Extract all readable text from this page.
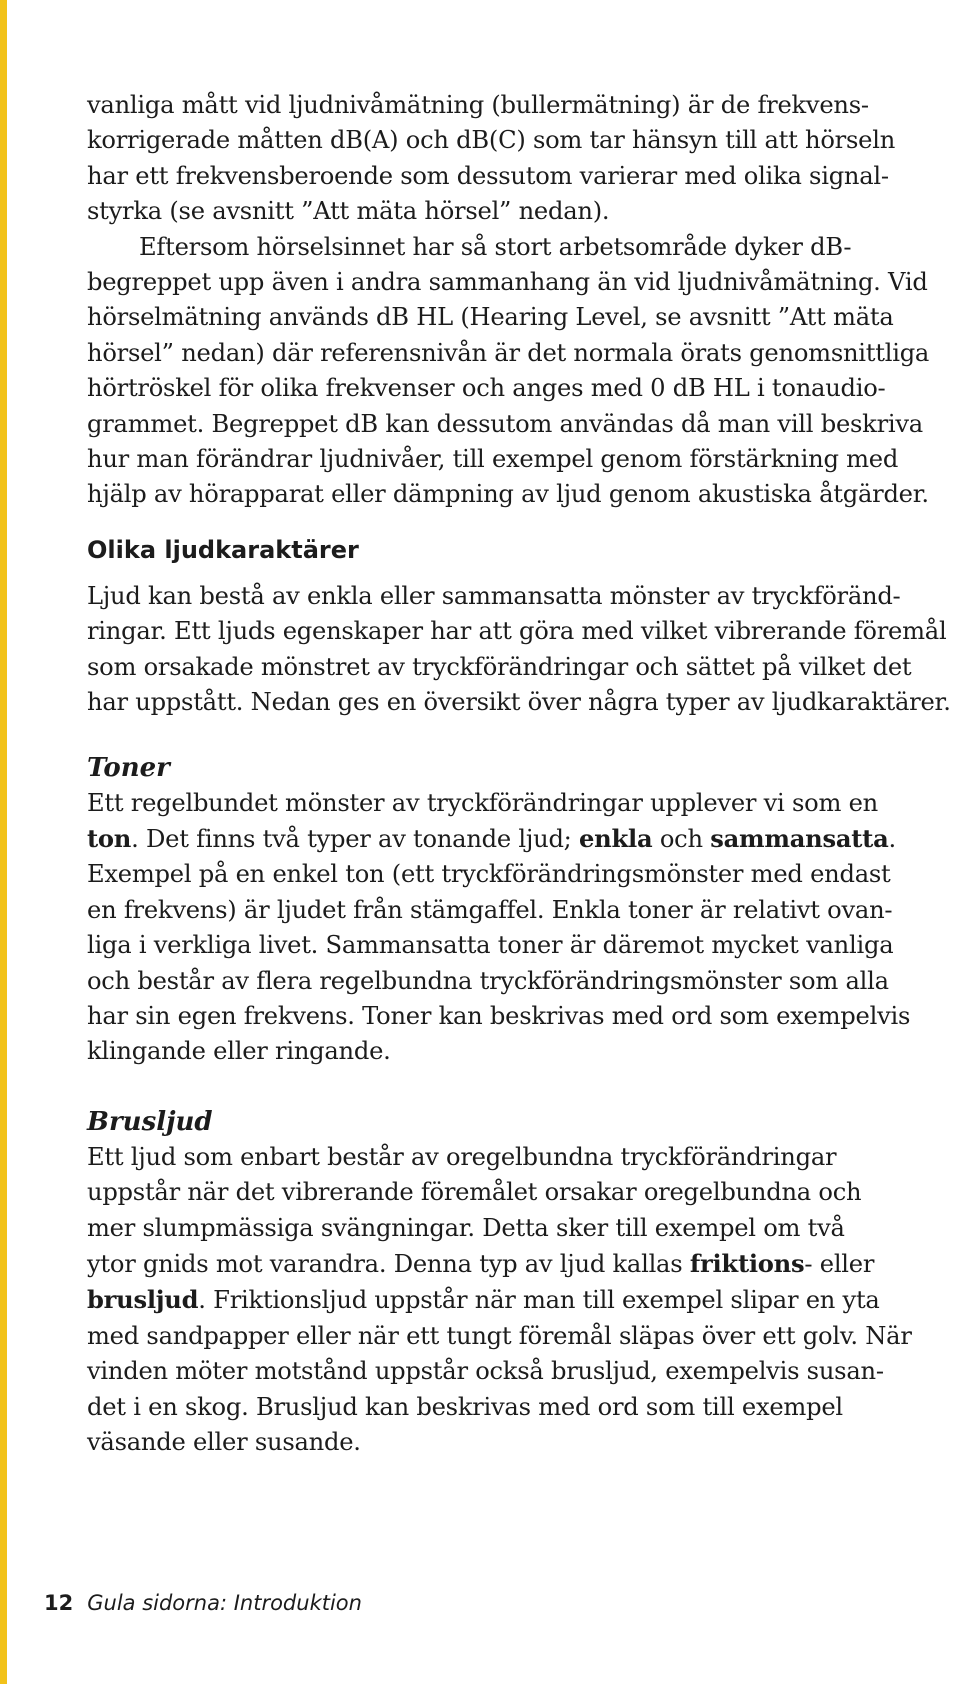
vanliga mått vid ljudnivåmätning (bullermätning) är de frekvens-
korrigerade måtten dB(A) och dB(C) som tar hänsyn till att hörseln
har ett frekvensberoende som dessutom varierar med olika signal-
styrka (se avsnitt ”Att mäta hörsel” nedan).

Eftersom hörselsinnet har så stort arbetsområde dyker dB-
begreppet upp även i andra sammanhang än vid ljudnivåmätning. Vid
hörselmätning används dB HL (Hearing Level, se avsnitt ”Att mäta
hörsel” nedan) där referensnivån är det normala örats genomsnittliga
hörtröskel för olika frekvenser och anges med 0 dB HL i tonaudio-
grammet. Begreppet dB kan dessutom användas då man vill beskriva
hur man förändrar ljudnivåer, till exempel genom förstärkning med
hjälp av hörapparat eller dämpning av ljud genom akustiska åtgärder.

Olika ljudkaraktärer

Ljud kan bestå av enkla eller sammansatta mönster av tryckföränd-
ringar. Ett ljuds egenskaper har att göra med vilket vibrerande föremål
som orsakade mönstret av tryckförändringar och sättet på vilket det
har uppstått. Nedan ges en översikt över några typer av ljudkaraktärer.

Toner

Ett regelbundet mönster av tryckförändringar upplever vi som en
ton. Det finns två typer av tonande ljud; enkla och sammansatta.
Exempel på en enkel ton (ett tryckförändringsmönster med endast
en frekvens) är ljudet från stämgaffel. Enkla toner är relativt ovan-
liga i verkliga livet. Sammansatta toner är däremot mycket vanliga
och består av flera regelbundna tryckförändringsmönster som alla
har sin egen frekvens. Toner kan beskrivas med ord som exempelvis
klingande eller ringande.

Brusljud

Ett ljud som enbart består av oregelbundna tryckförändringar
uppstår när det vibrerande föremålet orsakar oregelbundna och
mer slumpmässiga svängningar. Detta sker till exempel om två
ytor gnids mot varandra. Denna typ av ljud kallas friktions- eller
brusljud. Friktionsljud uppstår när man till exempel slipar en yta
med sandpapper eller när ett tungt föremål släpas över ett golv. När
vinden möter motstånd uppstår också brusljud, exempelvis susan-
det i en skog. Brusljud kan beskrivas med ord som till exempel
väsande eller susande.

12 Gula sidorna: Introduktion
